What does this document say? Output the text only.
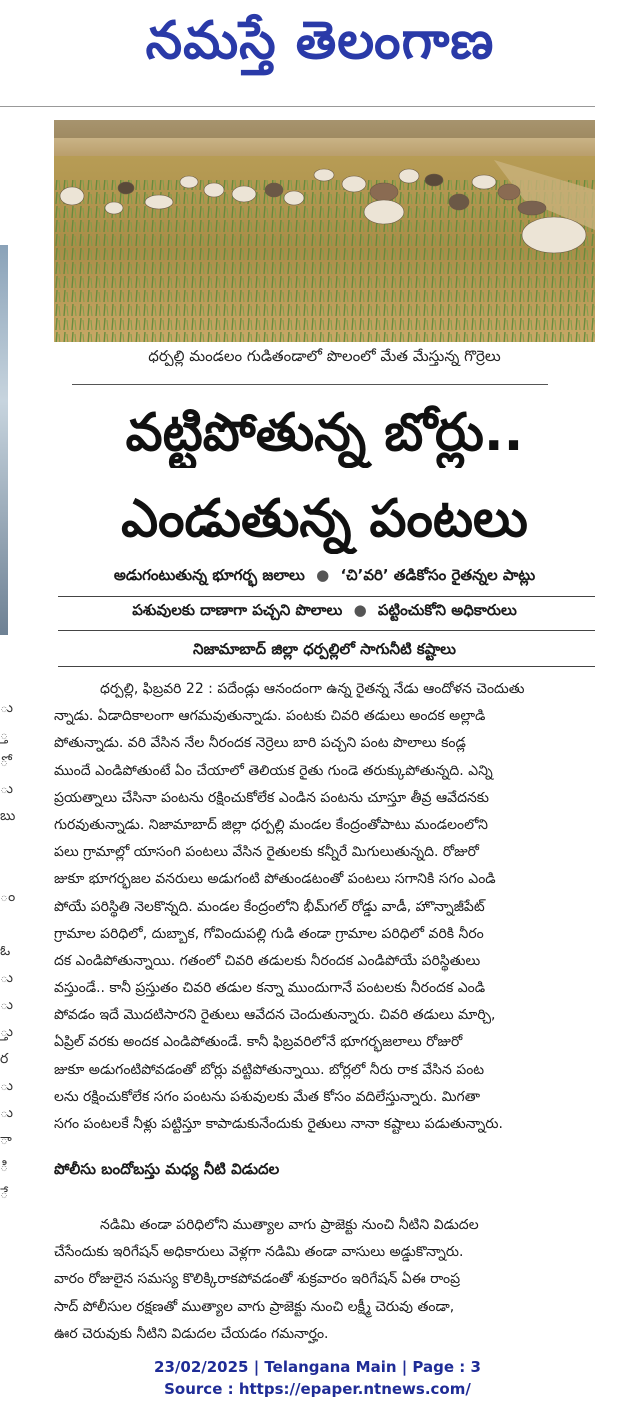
నమస్తే తెలంగాణ
ు
్త
ో
ు
బు
ం
ఓ
ు
ు
్తు
ర
ు
ు
ా
ి
ే
ధర్పల్లి మండలం గుడితండాలో పొలంలో మేత మేస్తున్న గొర్రెలు
వట్టిపోతున్న బోర్లు..
ఎండుతున్న పంటలు
అడుగంటుతున్న భూగర్భ జలాలు ● ‘చి’వరి’ తడికోసం రైతన్నల పాట్లు
పశువులకు దాణాగా పచ్చని పొలాలు ● పట్టించుకోని అధికారులు
నిజామాబాద్ జిల్లా ధర్పల్లిలో సాగునీటి కష్టాలు
ధర్పల్లి, ఫిబ్రవరి 22 : పదేండ్లు ఆనందంగా ఉన్న రైతన్న నేడు ఆందోళన చెందుతు
న్నాడు. ఏడాదికాలంగా ఆగమవుతున్నాడు. పంటకు చివరి తడులు అందక అల్లాడి
పోతున్నాడు. వరి వేసిన నేల నీరందక నెర్రెలు బారి పచ్చని పంట పొలాలు కండ్ల
ముందే ఎండిపోతుంటే ఏం చేయాలో తెలియక రైతు గుండె తరుక్కుపోతున్నది. ఎన్ని
ప్రయత్నాలు చేసినా పంటను రక్షించుకోలేక ఎండిన పంటను చూస్తూ తీవ్ర ఆవేదనకు
గురవుతున్నాడు. నిజామాబాద్ జిల్లా ధర్పల్లి మండల కేంద్రంతోపాటు మండలంలోని
పలు గ్రామాల్లో యాసంగి పంటలు వేసిన రైతులకు కన్నీరే మిగులుతున్నది. రోజురో
జుకూ భూగర్భజల వనరులు అడుగంటి పోతుండటంతో పంటలు సగానికి సగం ఎండి
పోయే పరిస్థితి నెలకొన్నది. మండల కేంద్రంలోని భీమ్‌గల్ రోడ్డు వాడీ, హొన్నాజీపేట్
గ్రామాల పరిధిలో, దుబ్బాక, గోవిందుపల్లి గుడి తండా గ్రామాల పరిధిలో వరికి నీరం
దక ఎండిపోతున్నాయి. గతంలో చివరి తడులకు నీరందక ఎండిపోయే పరిస్థితులు
వస్తుండే.. కానీ ప్రస్తుతం చివరి తడుల కన్నా ముందుగానే పంటలకు నీరందక ఎండి
పోవడం ఇదే మొదటిసారని రైతులు ఆవేదన చెందుతున్నారు. చివరి తడులు మార్చి,
ఏప్రిల్ వరకు అందక ఎండిపోతుండే. కానీ ఫిబ్రవరిలోనే భూగర్భజలాలు రోజురో
జుకూ అడుగంటిపోవడంతో బోర్లు వట్టిపోతున్నాయి. బోర్లలో నీరు రాక వేసిన పంట
లను రక్షించుకోలేక సగం పంటను పశువులకు మేత కోసం వదిలేస్తున్నారు. మిగతా
సగం పంటలకే నీళ్లు పట్టిస్తూ కాపాడుకునేందుకు రైతులు నానా కష్టాలు పడుతున్నారు.
పోలీసు బందోబస్తు మధ్య నీటి విడుదల
నడిమి తండా పరిధిలోని ముత్యాల వాగు ప్రాజెక్టు నుంచి నీటిని విడుదల
చేసేందుకు ఇరిగేషన్ అధికారులు వెళ్లగా నడిమి తండా వాసులు అడ్డుకొన్నారు.
వారం రోజులైన సమస్య కొలిక్కిరాకపోవడంతో శుక్రవారం ఇరిగేషన్ ఏఈ రాంప్ర
సాద్ పోలీసుల రక్షణతో ముత్యాల వాగు ప్రాజెక్టు నుంచి లక్ష్మీ చెరువు తండా,
ఊర చెరువుకు నీటిని విడుదల చేయడం గమనార్హం.
23/02/2025 | Telangana Main | Page : 3
Source : https://epaper.ntnews.com/
